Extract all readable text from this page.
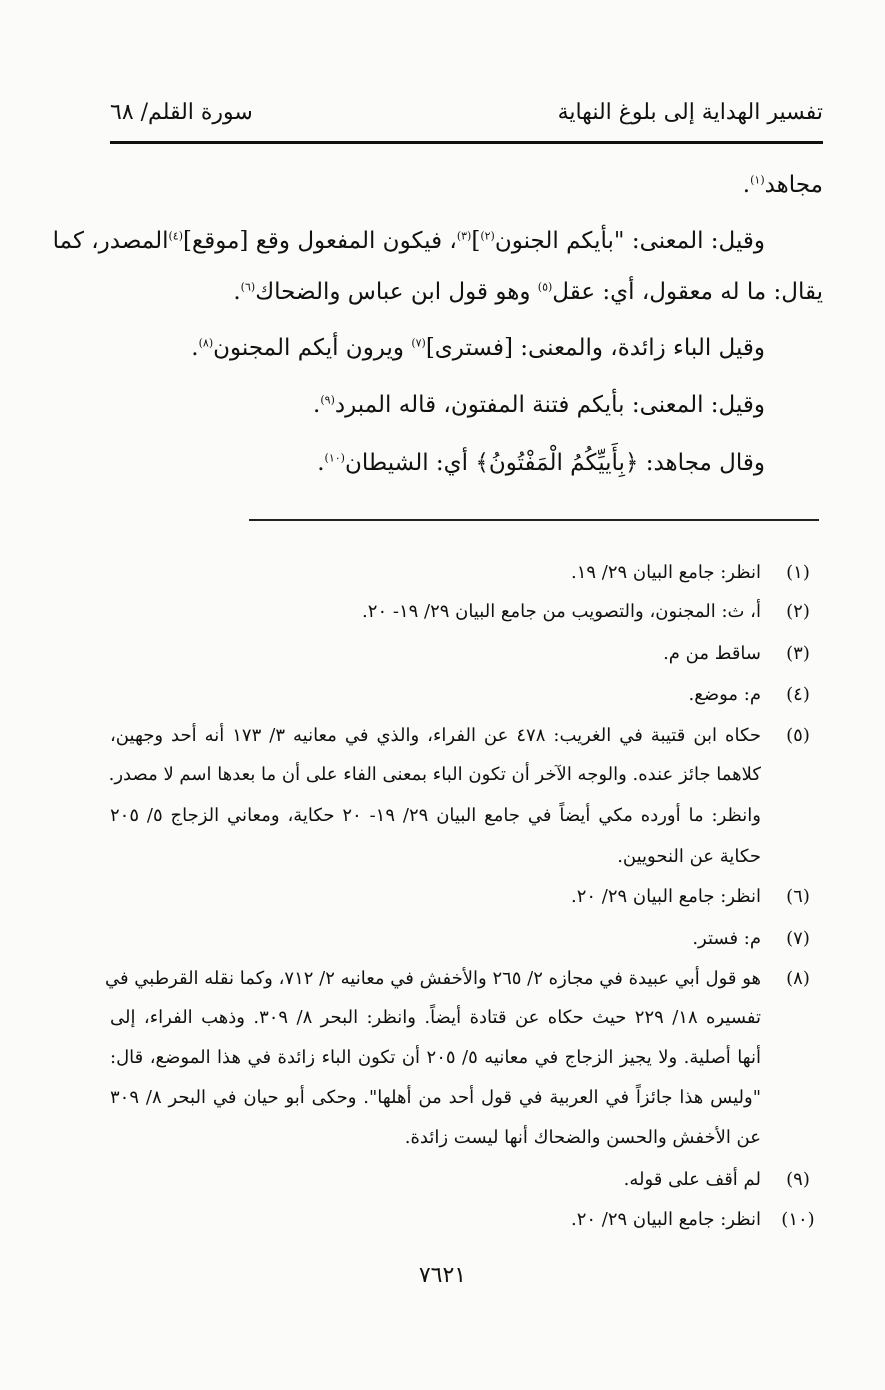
تفسير الهداية إلى بلوغ النهاية
سورة القلم/ ٦٨
مجاهد$^{(١)}$.
وقيل: المعنى: "بأيكم الجنون$^{(٢)}$]$^{(٣)}$، فيكون المفعول وقع [موقع]$^{(٤)}$المصدر، كما
يقال: ما له معقول، أي: عقل$^{(٥)}$ وهو قول ابن عباس والضحاك$^{(٦)}$.
وقيل الباء زائدة، والمعنى: [فسترى]$^{(٧)}$ ويرون أيكم المجنون$^{(٨)}$.
وقيل: المعنى: بأيكم فتنة المفتون، قاله المبرد$^{(٩)}$.
وقال مجاهد: ﴿بِأَييِّكُمُ الْمَفْتُونُ﴾ أي: الشيطان$^{(١٠)}$.
(١)
انظر: جامع البيان ٢٩/ ١٩.
(٢)
أ، ث: المجنون، والتصويب من جامع البيان ٢٩/ ١٩- ٢٠.
(٣)
ساقط من م.
(٤)
م: موضع.
(٥)
حكاه ابن قتيبة في الغريب: ٤٧٨ عن الفراء، والذي في معانيه ٣/ ١٧٣ أنه أحد وجهين،
كلاهما جائز عنده. والوجه الآخر أن تكون الباء بمعنى الفاء على أن ما بعدها اسم لا مصدر.
وانظر: ما أورده مكي أيضاً في جامع البيان ٢٩/ ١٩- ٢٠ حكاية، ومعاني الزجاج ٥/ ٢٠٥
حكاية عن النحويين.
(٦)
انظر: جامع البيان ٢٩/ ٢٠.
(٧)
م: فستر.
(٨)
هو قول أبي عبيدة في مجازه ٢/ ٢٦٥ والأخفش في معانيه ٢/ ٧١٢، وكما نقله القرطبي في
تفسيره ١٨/ ٢٢٩ حيث حكاه عن قتادة أيضاً. وانظر: البحر ٨/ ٣٠٩. وذهب الفراء، إلى
أنها أصلية. ولا يجيز الزجاج في معانيه ٥/ ٢٠٥ أن تكون الباء زائدة في هذا الموضع، قال:
"وليس هذا جائزاً في العربية في قول أحد من أهلها". وحكى أبو حيان في البحر ٨/ ٣٠٩
عن الأخفش والحسن والضحاك أنها ليست زائدة.
(٩)
لم أقف على قوله.
(١٠)
انظر: جامع البيان ٢٩/ ٢٠.
٧٦٢١
